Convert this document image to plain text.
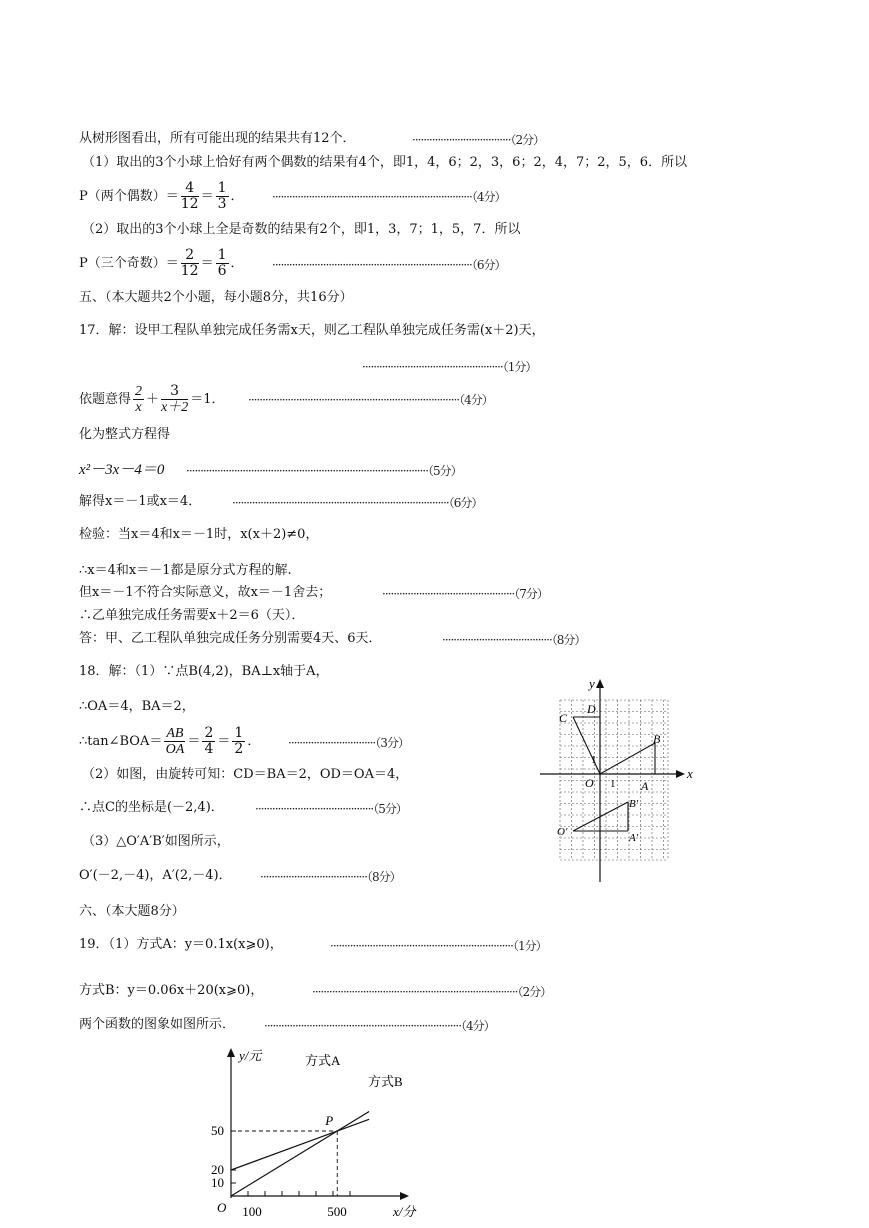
从树形图看出，所有可能出现的结果共有12个．
（1）取出的3个小球上恰好有两个偶数的结果有4个，即1，4，6；2，3，6；2，4，7；2，5，6．所以
P（两个偶数）＝ $\frac{4}{12} = \frac{1}{3}$ ．
（2）取出的3个小球上全是奇数的结果有2个，即1，3，7；1，5，7．所以
P（三个奇数）＝ $\frac{2}{12} = \frac{1}{6}$ ．
五、（本大题共2个小题，每小题8分，共16分）
17．解：设甲工程队单独完成任务需x天，则乙工程队单独完成任务需(x＋2)天，
依题意得 $\frac{2}{x} + \frac{3}{x+2} =1$．
化为整式方程得
x²－3x－4＝0
解得x＝－1或x＝4．
检验：当x＝4和x＝－1时，x(x＋2)≠0，
∴x＝4和x＝－1都是原分式方程的解.
但x＝－1不符合实际意义，故x＝－1舍去；
∴乙单独完成任务需要x＋2＝6（天）．
答：甲、乙工程队单独完成任务分别需要4天、6天．
18．解：（1）∵点B(4,2)，BA⊥x轴于A，
∴OA＝4，BA＝2，
∴tan∠BOA＝ $\frac{AB}{OA} = \frac{2}{4} = \frac{1}{2}$ ．
（2）如图，由旋转可知：CD＝BA＝2，OD＝OA＝4，
∴点C的坐标是(－2,4)．
（3）△O′A′B′如图所示，
O′(－2,－4)，A′(2,－4)．
六、（本大题8分）
19．（1）方式A：y＝0.1x(x⩾0)，
方式B：y＝0.06x＋20(x⩾0)，
两个函数的图象如图所示．
···································（2分）
·······································································（4分）
·······································································（6分）
··················································（1分）
···········································································（4分）
······················································································（5分）
·············································································（6分）
···············································（7分）
·······································（8分）
·······························（3分）
··········································（5分）
······································（8分）
·································································（1分）
·········································································（2分）
······································································（4分）
x
y
C
D
B
O 1
1
A
B′
O′	A′
y/元
x/分
O 100	500
10
20
50
P
方式A
方式B
